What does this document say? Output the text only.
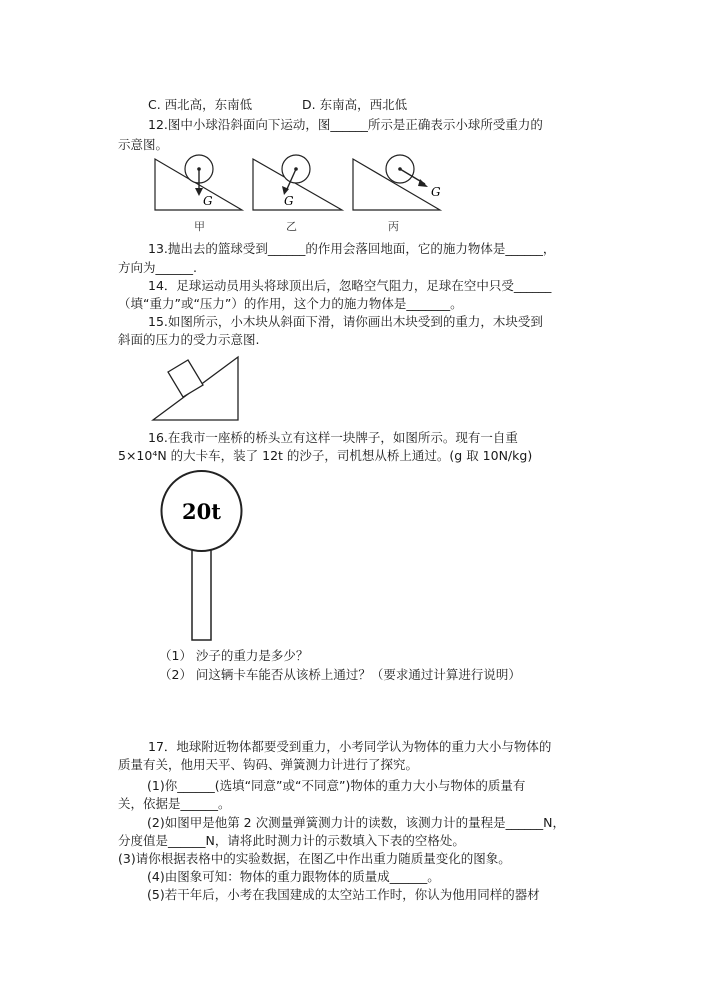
C. 西北高，东南低	D. 东南高，西北低
12.图中小球沿斜面向下运动，图______所示是正确表示小球所受重力的
示意图。
G	G
G
甲	乙	丙
13.抛出去的篮球受到______的作用会落回地面，它的施力物体是______，
方向为______.
14．足球运动员用头将球顶出后，忽略空气阻力，足球在空中只受______
（填“重力”或“压力”）的作用，这个力的施力物体是_______。
15.如图所示，小木块从斜面下滑，请你画出木块受到的重力，木块受到
斜面的压力的受力示意图.
16.在我市一座桥的桥头立有这样一块牌子，如图所示。现有一自重
5×10⁴N 的大卡车，装了 12t 的沙子，司机想从桥上通过。(g 取 10N/kg)
20t
（1） 沙子的重力是多少？
（2） 问这辆卡车能否从该桥上通过？（要求通过计算进行说明）
17．地球附近物体都要受到重力，小考同学认为物体的重力大小与物体的
质量有关，他用天平、钩码、弹簧测力计进行了探究。
(1)你______(选填“同意”或“不同意”)物体的重力大小与物体的质量有
关，依据是______。
(2)如图甲是他第 2 次测量弹簧测力计的读数，该测力计的量程是______N，
分度值是______N，请将此时测力计的示数填入下表的空格处。
(3)请你根据表格中的实验数据，在图乙中作出重力随质量变化的图象。
(4)由图象可知：物体的重力跟物体的质量成______。
(5)若干年后，小考在我国建成的太空站工作时，你认为他用同样的器材
